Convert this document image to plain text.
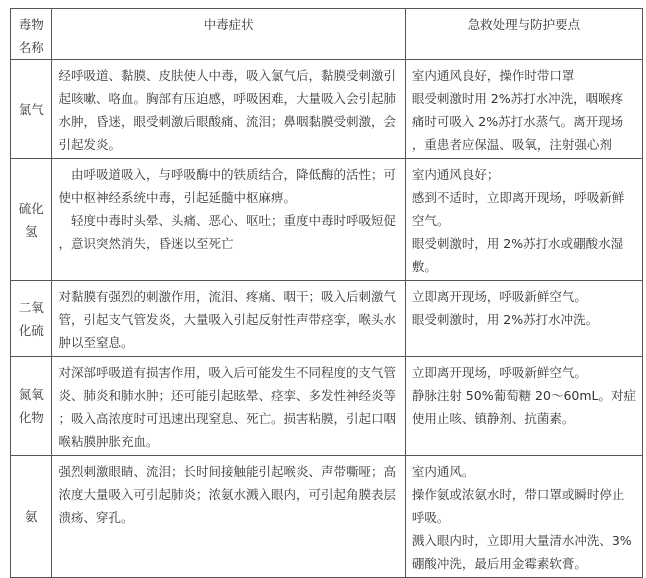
毒物
名称	中毒症状	急救处理与防护要点

氯气	经呼吸道、黏膜、皮肤使人中毒，吸入氯气后，黏膜受刺激引
起咳嗽、咯血。胸部有压迫感，呼吸困难，大量吸入会引起肺
水肿，昏迷，眼受刺激后眼酸痛、流泪；鼻咽黏膜受刺激，会
引起发炎。	室内通风良好，操作时带口罩
眼受刺激时用 2%苏打水冲洗，咽喉疼
痛时可吸入 2%苏打水蒸气。离开现场
，重患者应保温、吸氧，注射强心剂

硫化
氢	　由呼吸道吸入，与呼吸酶中的铁质结合，降低酶的活性；可
使中枢神经系统中毒，引起延髓中枢麻痹。
　轻度中毒时头晕、头痛、恶心、呕吐；重度中毒时呼吸短促
，意识突然消失，昏迷以至死亡	室内通风良好；
感到不适时，立即离开现场，呼吸新鲜
空气。
眼受刺激时，用 2%苏打水或硼酸水湿
敷。

二氧
化硫	对黏膜有强烈的刺激作用，流泪、疼痛、咽干；吸入后刺激气
管，引起支气管发炎，大量吸入引起反射性声带痉挛，喉头水
肿以至窒息。	立即离开现场，呼吸新鲜空气。
眼受刺激时，用 2%苏打水冲洗。

氮氧
化物	对深部呼吸道有损害作用，吸入后可能发生不同程度的支气管
炎、肺炎和肺水肿；还可能引起眩晕、痉挛、多发性神经炎等
；吸入高浓度时可迅速出现窒息、死亡。损害粘膜，引起口咽
喉粘膜肿胀充血。	立即离开现场，呼吸新鲜空气。
静脉注射 50%葡萄糖 20～60mL。对症
使用止咳、镇静剂、抗菌素。

氨	强烈刺激眼睛、流泪；长时间接触能引起喉炎、声带嘶哑；高
浓度大量吸入可引起肺炎；浓氨水溅入眼内，可引起角膜表层
溃疡、穿孔。	室内通风。
操作氨或浓氨水时，带口罩或瞬时停止
呼吸。
溅入眼内时，立即用大量清水冲洗、3%
硼酸冲洗，最后用金霉素软膏。
